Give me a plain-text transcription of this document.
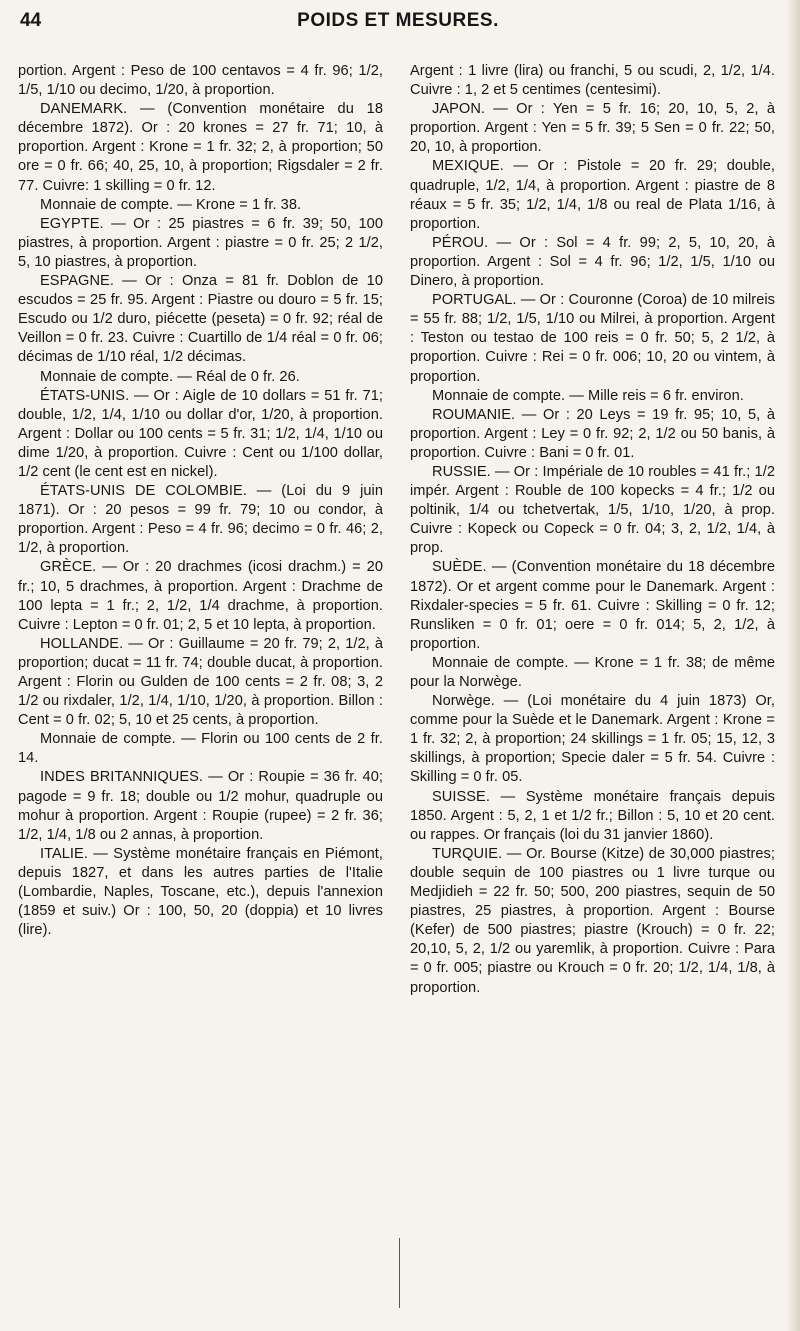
44	POIDS ET MESURES.

portion. Argent : Peso de 100 centavos = 4 fr. 96; 1/2, 1/5, 1/10 ou decimo, 1/20, à proportion.

DANEMARK. — (Convention monétaire du 18 décembre 1872). Or : 20 krones = 27 fr. 71; 10, à proportion. Argent : Krone = 1 fr. 32; 2, à proportion; 50 ore = 0 fr. 66; 40, 25, 10, à proportion; Rigsdaler = 2 fr. 77. Cuivre: 1 skilling = 0 fr. 12.

Monnaie de compte. — Krone = 1 fr. 38.

EGYPTE. — Or : 25 piastres = 6 fr. 39; 50, 100 piastres, à proportion. Argent : piastre = 0 fr. 25; 2 1/2, 5, 10 piastres, à proportion.

ESPAGNE. — Or : Onza = 81 fr. Doblon de 10 escudos = 25 fr. 95. Argent : Piastre ou douro = 5 fr. 15; Escudo ou 1/2 duro, piécette (peseta) = 0 fr. 92; réal de Veillon = 0 fr. 23. Cuivre : Cuartillo de 1/4 réal = 0 fr. 06; décimas de 1/10 réal, 1/2 décimas.

Monnaie de compte. — Réal de 0 fr. 26.

ÉTATS-UNIS. — Or : Aigle de 10 dollars = 51 fr. 71; double, 1/2, 1/4, 1/10 ou dollar d'or, 1/20, à proportion. Argent : Dollar ou 100 cents = 5 fr. 31; 1/2, 1/4, 1/10 ou dime 1/20, à proportion. Cuivre : Cent ou 1/100 dollar, 1/2 cent (le cent est en nickel).

ÉTATS-UNIS DE COLOMBIE. — (Loi du 9 juin 1871). Or : 20 pesos = 99 fr. 79; 10 ou condor, à proportion. Argent : Peso = 4 fr. 96; decimo = 0 fr. 46; 2, 1/2, à proportion.

GRÈCE. — Or : 20 drachmes (icosi drachm.) = 20 fr.; 10, 5 drachmes, à proportion. Argent : Drachme de 100 lepta = 1 fr.; 2, 1/2, 1/4 drachme, à proportion. Cuivre : Lepton = 0 fr. 01; 2, 5 et 10 lepta, à proportion.

HOLLANDE. — Or : Guillaume = 20 fr. 79; 2, 1/2, à proportion; ducat = 11 fr. 74; double ducat, à proportion. Argent : Florin ou Gulden de 100 cents = 2 fr. 08; 3, 2 1/2 ou rixdaler, 1/2, 1/4, 1/10, 1/20, à proportion. Billon : Cent = 0 fr. 02; 5, 10 et 25 cents, à proportion.

Monnaie de compte. — Florin ou 100 cents de 2 fr. 14.

INDES BRITANNIQUES. — Or : Roupie = 36 fr. 40; pagode = 9 fr. 18; double ou 1/2 mohur, quadruple ou mohur à proportion. Argent : Roupie (rupee) = 2 fr. 36; 1/2, 1/4, 1/8 ou 2 annas, à proportion.

ITALIE. — Système monétaire français en Piémont, depuis 1827, et dans les autres parties de l'Italie (Lombardie, Naples, Toscane, etc.), depuis l'annexion (1859 et suiv.) Or : 100, 50, 20 (doppia) et 10 livres (lire).

Argent : 1 livre (lira) ou franchi, 5 ou scudi, 2, 1/2, 1/4. Cuivre : 1, 2 et 5 centimes (centesimi).

JAPON. — Or : Yen = 5 fr. 16; 20, 10, 5, 2, à proportion. Argent : Yen = 5 fr. 39; 5 Sen = 0 fr. 22; 50, 20, 10, à proportion.

MEXIQUE. — Or : Pistole = 20 fr. 29; double, quadruple, 1/2, 1/4, à proportion. Argent : piastre de 8 réaux = 5 fr. 35; 1/2, 1/4, 1/8 ou real de Plata 1/16, à proportion.

PÉROU. — Or : Sol = 4 fr. 99; 2, 5, 10, 20, à proportion. Argent : Sol = 4 fr. 96; 1/2, 1/5, 1/10 ou Dinero, à proportion.

PORTUGAL. — Or : Couronne (Coroa) de 10 milreis = 55 fr. 88; 1/2, 1/5, 1/10 ou Milrei, à proportion. Argent : Teston ou testao de 100 reis = 0 fr. 50; 5, 2 1/2, à proportion. Cuivre : Rei = 0 fr. 006; 10, 20 ou vintem, à proportion.

Monnaie de compte. — Mille reis = 6 fr. environ.

ROUMANIE. — Or : 20 Leys = 19 fr. 95; 10, 5, à proportion. Argent : Ley = 0 fr. 92; 2, 1/2 ou 50 banis, à proportion. Cuivre : Bani = 0 fr. 01.

RUSSIE. — Or : Impériale de 10 roubles = 41 fr.; 1/2 impér. Argent : Rouble de 100 kopecks = 4 fr.; 1/2 ou poltinik, 1/4 ou tchetvertak, 1/5, 1/10, 1/20, à prop. Cuivre : Kopeck ou Copeck = 0 fr. 04; 3, 2, 1/2, 1/4, à prop.

SUÈDE. — (Convention monétaire du 18 décembre 1872). Or et argent comme pour le Danemark. Argent : Rixdaler-species = 5 fr. 61. Cuivre : Skilling = 0 fr. 12; Runsliken = 0 fr. 01; oere = 0 fr. 014; 5, 2, 1/2, à proportion.

Monnaie de compte. — Krone = 1 fr. 38; de même pour la Norwège.

Norwège. — (Loi monétaire du 4 juin 1873) Or, comme pour la Suède et le Danemark. Argent : Krone = 1 fr. 32; 2, à proportion; 24 skillings = 1 fr. 05; 15, 12, 3 skillings, à proportion; Specie daler = 5 fr. 54. Cuivre : Skilling = 0 fr. 05.

SUISSE. — Système monétaire français depuis 1850. Argent : 5, 2, 1 et 1/2 fr.; Billon : 5, 10 et 20 cent. ou rappes. Or français (loi du 31 janvier 1860).

TURQUIE. — Or. Bourse (Kitze) de 30,000 piastres; double sequin de 100 piastres ou 1 livre turque ou Medjidieh = 22 fr. 50; 500, 200 piastres, sequin de 50 piastres, 25 piastres, à proportion. Argent : Bourse (Kefer) de 500 piastres; piastre (Krouch) = 0 fr. 22; 20,10, 5, 2, 1/2 ou yaremlik, à proportion. Cuivre : Para = 0 fr. 005; piastre ou Krouch = 0 fr. 20; 1/2, 1/4, 1/8, à proportion.
